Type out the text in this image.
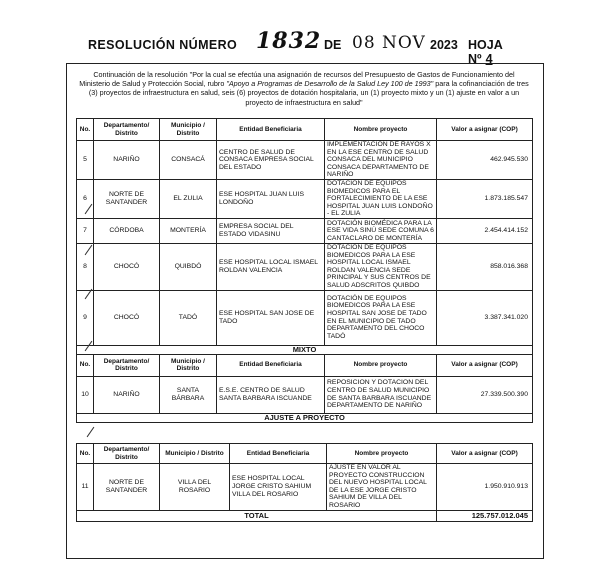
RESOLUCIÓN NÚMERO 1832 DE 08 NOV 2023 HOJA Nº 4
Continuación de la resolución "Por la cual se efectúa una asignación de recursos del Presupuesto de Gastos de Funcionamiento del Ministerio de Salud y Protección Social, rubro "Apoyo a Programas de Desarrollo de la Salud Ley 100 de 1993" para la cofinanciación de tres (3) proyectos de infraestructura en salud, seis (6) proyectos de dotación hospitalaria, un (1) proyecto mixto y un (1) ajuste en valor a un proyecto de infraestructura en salud"
No.	Departamento/ Distrito	Municipio / Distrito	Entidad Beneficiaria	Nombre proyecto	Valor a asignar (COP)
5	NARIÑO	CONSACÁ	CENTRO DE SALUD DE CONSACA EMPRESA SOCIAL DEL ESTADO	IMPLEMENTACIÓN DE RAYOS X EN LA ESE CENTRO DE SALUD CONSACA DEL MUNICIPIO CONSACA DEPARTAMENTO DE NARIÑO	462.945.530
6	NORTE DE SANTANDER	EL ZULIA	ESE HOSPITAL JUAN LUIS LONDOÑO	DOTACION DE EQUIPOS BIOMEDICOS PARA EL FORTALECIMIENTO DE LA ESE HOSPITAL JUAN LUIS LONDOÑO - EL ZULIA	1.873.185.547
7	CÓRDOBA	MONTERÍA	EMPRESA SOCIAL DEL ESTADO VIDASINU	DOTACIÓN BIOMÉDICA PARA LA ESE VIDA SINÚ SEDE COMUNA 6 CANTACLARO DE MONTERÍA	2.454.414.152
8	CHOCÓ	QUIBDÓ	ESE HOSPITAL LOCAL ISMAEL ROLDAN VALENCIA	DOTACION DE EQUIPOS BIOMEDICOS PARA LA ESE HOSPITAL LOCAL ISMAEL ROLDAN VALENCIA SEDE PRINCIPAL Y SUS CENTROS DE SALUD ADSCRITOS QUIBDO	858.016.368
9	CHOCÓ	TADÓ	ESE HOSPITAL SAN JOSE DE TADO	DOTACIÓN DE EQUIPOS BIOMEDICOS PARA LA ESE HOSPITAL SAN JOSE DE TADO EN EL MUNICIPIO DE TADO DEPARTAMENTO DEL CHOCO TADÓ	3.387.341.020
MIXTO					
No.	Departamento/ Distrito	Municipio / Distrito	Entidad Beneficiaria	Nombre proyecto	Valor a asignar (COP)
10	NARIÑO	SANTA BÁRBARA	E.S.E. CENTRO DE SALUD SANTA BARBARA ISCUANDE	REPOSICION Y DOTACION DEL CENTRO DE SALUD MUNICIPIO DE SANTA BARBARA ISCUANDE DEPARTAMENTO DE NARIÑO	27.339.500.390
AJUSTE A PROYECTO					
No.	Departamento/ Distrito	Municipio / Distrito	Entidad Beneficiaria	Nombre proyecto	Valor a asignar (COP)
11	NORTE DE SANTANDER	VILLA DEL ROSARIO	ESE HOSPITAL LOCAL JORGE CRISTO SAHIUM VILLA DEL ROSARIO	AJUSTE EN VALOR AL PROYECTO CONSTRUCCION DEL NUEVO HOSPITAL LOCAL DE LA ESE JORGE CRISTO SAHIUM DE VILLA DEL ROSARIO	1.950.910.913
TOTAL					125.757.012.045
